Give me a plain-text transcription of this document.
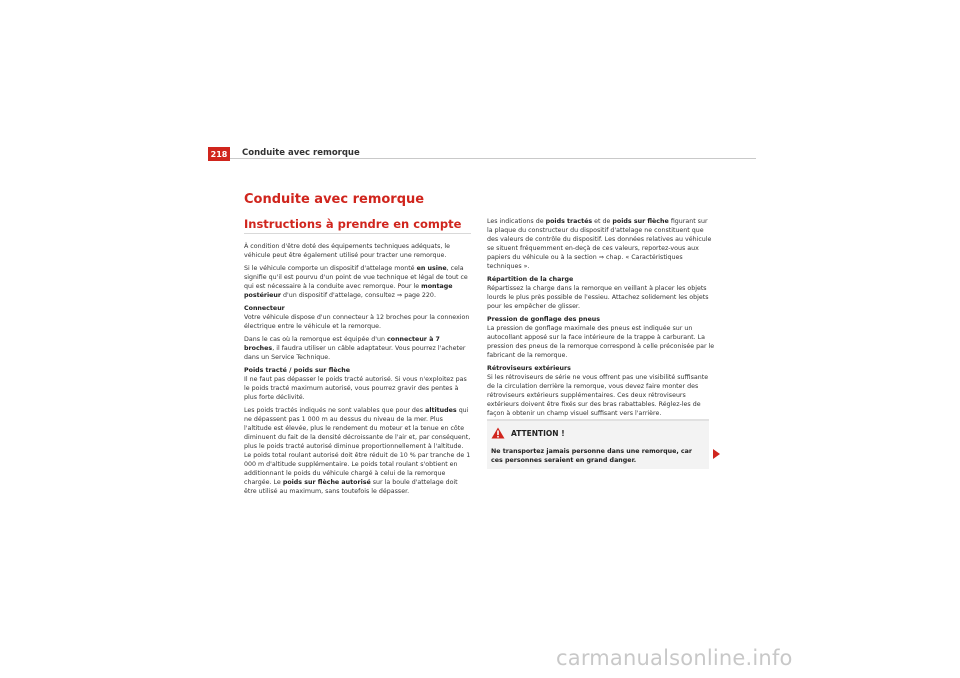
218	Conduite avec remorque
Conduite avec remorque
Instructions à prendre en compte

À condition d'être doté des équipements techniques adéquats, le véhicule peut être également utilisé pour tracter une remorque.

Si le véhicule comporte un dispositif d'attelage monté en usine, cela signifie qu'il est pourvu d'un point de vue technique et légal de tout ce qui est nécessaire à la conduite avec remorque. Pour le montage postérieur d'un dispositif d'attelage, consultez ⇒ page 220.

Connecteur

Votre véhicule dispose d'un connecteur à 12 broches pour la connexion électrique entre le véhicule et la remorque.

Dans le cas où la remorque est équipée d'un connecteur à 7 broches, il faudra utiliser un câble adaptateur. Vous pourrez l'acheter dans un Service Technique.

Poids tracté / poids sur flèche

Il ne faut pas dépasser le poids tracté autorisé. Si vous n'exploitez pas le poids tracté maximum autorisé, vous pourrez gravir des pentes à plus forte déclivité.

Les poids tractés indiqués ne sont valables que pour des altitudes qui ne dépassent pas 1 000 m au dessus du niveau de la mer. Plus l'altitude est élevée, plus le rendement du moteur et la tenue en côte diminuent du fait de la densité décroissante de l'air et, par conséquent, plus le poids tracté autorisé diminue proportionnellement à l'altitude. Le poids total roulant autorisé doit être réduit de 10 % par tranche de 1 000 m d'altitude supplémentaire. Le poids total roulant s'obtient en additionnant le poids du véhicule chargé à celui de la remorque chargée. Le poids sur flèche autorisé sur la boule d'attelage doit être utilisé au maximum, sans toutefois le dépasser.

Les indications de poids tractés et de poids sur flèche figurant sur la plaque du constructeur du dispositif d'attelage ne constituent que des valeurs de contrôle du dispositif. Les données relatives au véhicule se situent fréquemment en-deçà de ces valeurs, reportez-vous aux papiers du véhicule ou à la section ⇒ chap. « Caractéristiques techniques ».

Répartition de la charge

Répartissez la charge dans la remorque en veillant à placer les objets lourds le plus près possible de l'essieu. Attachez solidement les objets pour les empêcher de glisser.

Pression de gonflage des pneus

La pression de gonflage maximale des pneus est indiquée sur un autocollant apposé sur la face intérieure de la trappe à carburant. La pression des pneus de la remorque correspond à celle préconisée par le fabricant de la remorque.

Rétroviseurs extérieurs

Si les rétroviseurs de série ne vous offrent pas une visibilité suffisante de la circulation derrière la remorque, vous devez faire monter des rétroviseurs extérieurs supplémentaires. Ces deux rétroviseurs extérieurs doivent être fixés sur des bras rabattables. Réglez-les de façon à obtenir un champ visuel suffisant vers l'arrière.

ATTENTION !
Ne transportez jamais personne dans une remorque, car ces personnes seraient en grand danger.
carmanualsonline.info
